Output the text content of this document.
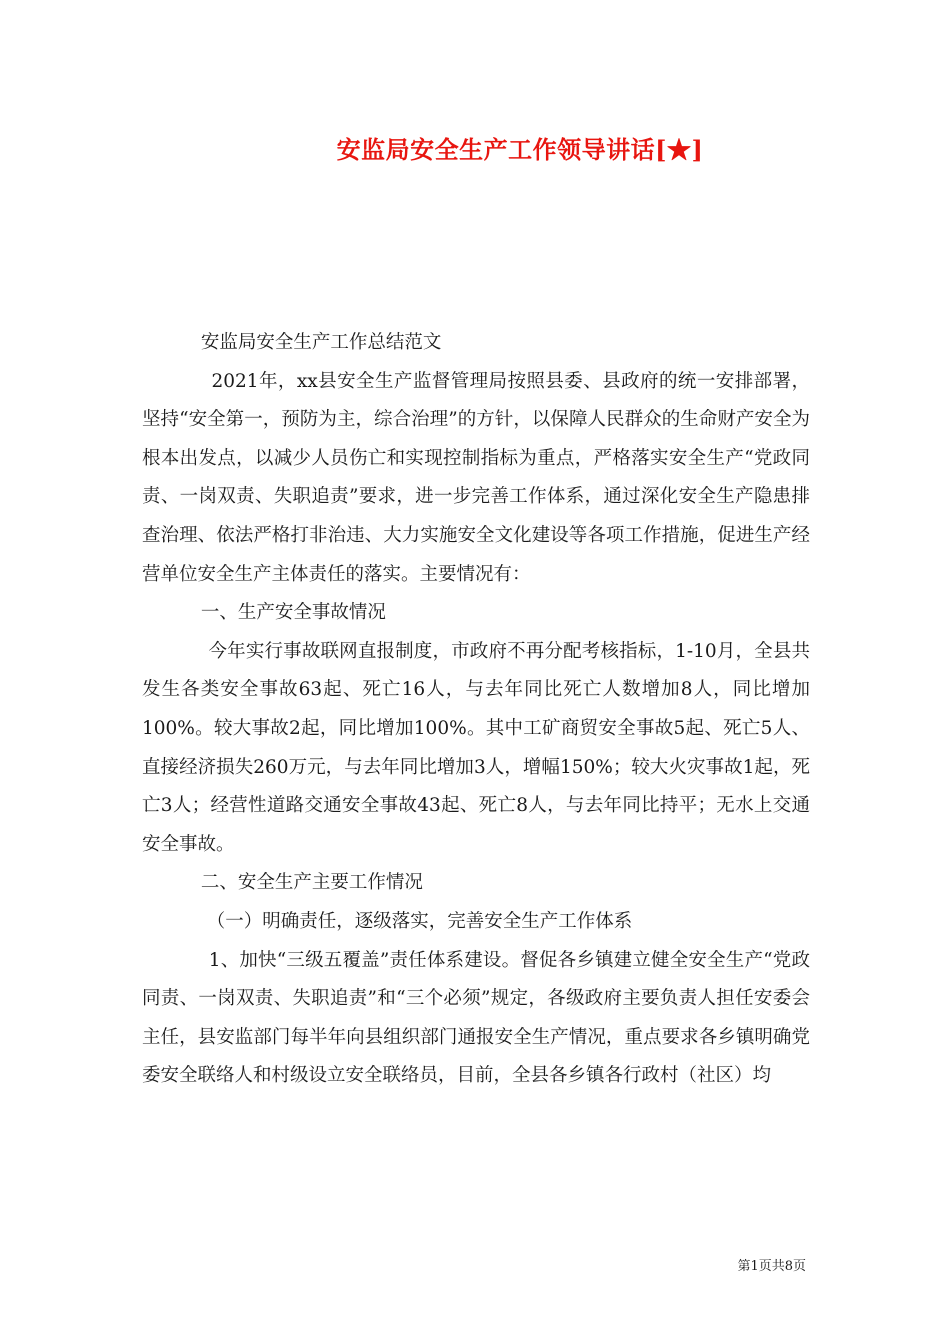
安监局安全生产工作领导讲话[★]

安监局安全生产工作总结范文

2021年，xx县安全生产监督管理局按照县委、县政府的统一安排部署，坚持“安全第一，预防为主，综合治理”的方针，以保障人民群众的生命财产安全为根本出发点，以减少人员伤亡和实现控制指标为重点，严格落实安全生产“党政同责、一岗双责、失职追责”要求，进一步完善工作体系，通过深化安全生产隐患排查治理、依法严格打非治违、大力实施安全文化建设等各项工作措施，促进生产经营单位安全生产主体责任的落实。主要情况有：

一、生产安全事故情况

今年实行事故联网直报制度，市政府不再分配考核指标，1-10月，全县共发生各类安全事故63起、死亡16人，与去年同比死亡人数增加8人，同比增加100%。较大事故2起，同比增加100%。其中工矿商贸安全事故5起、死亡5人、直接经济损失260万元，与去年同比增加3人，增幅150%；较大火灾事故1起，死亡3人；经营性道路交通安全事故43起、死亡8人，与去年同比持平；无水上交通安全事故。

二、安全生产主要工作情况

（一）明确责任，逐级落实，完善安全生产工作体系

1、加快“三级五覆盖”责任体系建设。督促各乡镇建立健全安全生产“党政同责、一岗双责、失职追责”和“三个必须”规定，各级政府主要负责人担任安委会主任，县安监部门每半年向县组织部门通报安全生产情况，重点要求各乡镇明确党委安全联络人和村级设立安全联络员，目前，全县各乡镇各行政村（社区）均

第1页共8页
